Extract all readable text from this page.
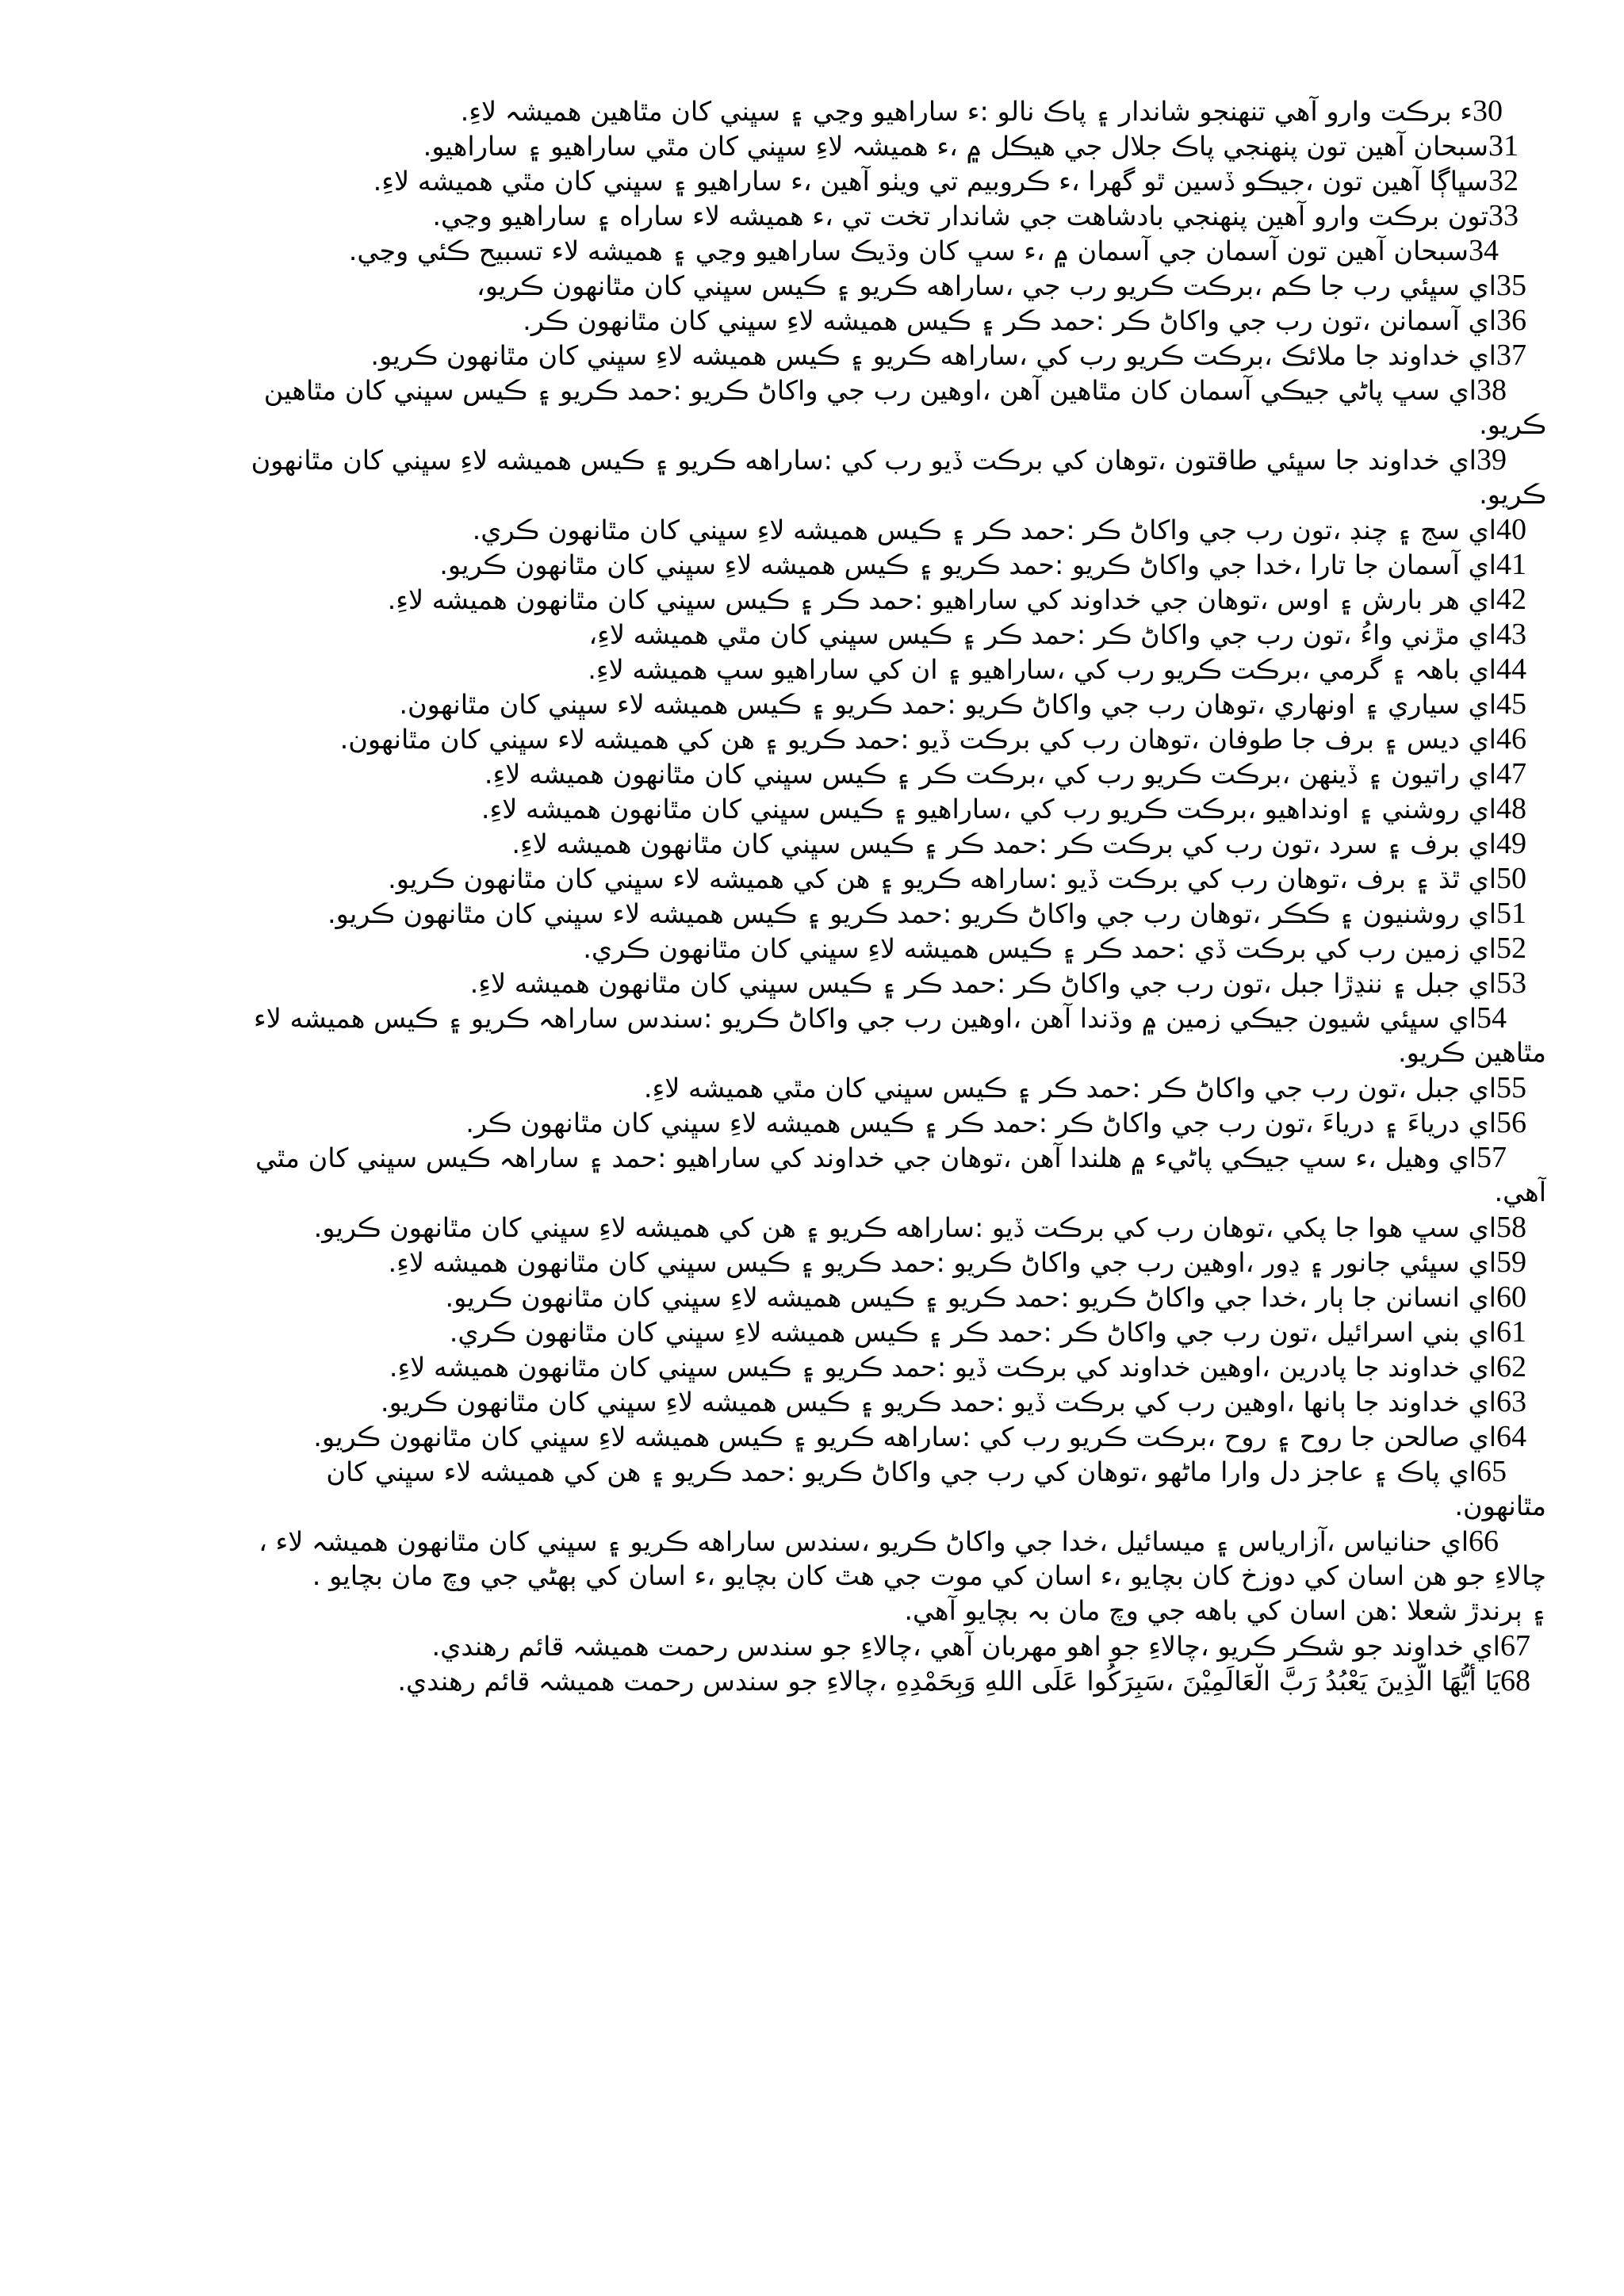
30ء برڪت وارو آهي تنهنجو شاندار ۽ پاڪ نالو :ء ساراهيو وڃي ۽ سڀني کان مٿاهين هميشہ لاءِ.
31سبحان آهين تون پنهنجي پاڪ جلال جي هيڪل ۾ ،ء هميشہ لاءِ سڀني کان مٿي ساراهيو ۽ ساراهيو.
32سڀاڳا آهين تون ،جيڪو ڏسين ٿو گهرا ،ء ڪروبيم تي ويٺو آهين ،ء ساراهيو ۽ سڀني کان مٿي هميشه لاءِ.
33تون برڪت وارو آهين پنهنجي بادشاهت جي شاندار تخت تي ،ء هميشه لاء ساراه ۽ ساراهيو وڃي.
34سبحان آهين تون آسمان جي آسمان ۾ ،ء سڀ کان وڌيڪ ساراهيو وڃي ۽ هميشه لاء تسبيح ڪئي وڃي.
35اي سڀئي رب جا ڪم ،برڪت ڪريو رب جي ،ساراهه ڪريو ۽ ڪيس سڀني کان مٿانهون ڪريو،
36اي آسمانن ،تون رب جي واکاڻ ڪر :حمد ڪر ۽ ڪيس هميشه لاءِ سڀني کان مٿانهون ڪر.
37اي خداوند جا ملائڪ ،برڪت ڪريو رب کي ،ساراهه ڪريو ۽ ڪيس هميشه لاءِ سڀني کان مٿانهون ڪريو.
38اي سڀ پاڻي جيڪي آسمان کان مٿاهين آهن ،اوهين رب جي واکاڻ ڪريو :حمد ڪريو ۽ ڪيس سڀني کان مٿاهين
ڪريو.
39اي خداوند جا سڀئي طاقتون ،توهان کي برڪت ڏيو رب کي :ساراهه ڪريو ۽ ڪيس هميشه لاءِ سڀني کان مٿانهون
ڪريو.
40اي سج ۽ چنڊ ،تون رب جي واکاڻ ڪر :حمد ڪر ۽ ڪيس هميشه لاءِ سڀني کان مٿانهون ڪري.
41اي آسمان جا تارا ،خدا جي واکاڻ ڪريو :حمد ڪريو ۽ ڪيس هميشه لاءِ سڀني کان مٿانهون ڪريو.
42اي هر بارش ۽ اوس ،توهان جي خداوند کي ساراهيو :حمد ڪر ۽ ڪيس سڀني کان مٿانهون هميشه لاءِ.
43اي مڙني واءُ ،تون رب جي واکاڻ ڪر :حمد ڪر ۽ ڪيس سڀني کان مٿي هميشه لاءِ،
44اي باهہ ۽ گرمي ،برڪت ڪريو رب کي ،ساراهيو ۽ ان کي ساراهيو سڀ هميشه لاءِ.
45اي سياري ۽ اونهاري ،توهان رب جي واکاڻ ڪريو :حمد ڪريو ۽ ڪيس هميشه لاء سڀني کان مٿانهون.
46اي ديس ۽ برف جا طوفان ،توهان رب کي برڪت ڏيو :حمد ڪريو ۽ هن کي هميشه لاء سڀني کان مٿانهون.
47اي راتيون ۽ ڏينهن ،برڪت ڪريو رب کي ،برڪت ڪر ۽ ڪيس سڀني کان مٿانهون هميشه لاءِ.
48اي روشني ۽ اونداهيو ،برڪت ڪريو رب کي ،ساراهيو ۽ ڪيس سڀني کان مٿانهون هميشه لاءِ.
49اي برف ۽ سرد ،تون رب کي برڪت ڪر :حمد ڪر ۽ ڪيس سڀني کان مٿانهون هميشه لاءِ.
50اي ٿڌ ۽ برف ،توهان رب کي برڪت ڏيو :ساراهه ڪريو ۽ هن کي هميشه لاء سڀني کان مٿانهون ڪريو.
51اي روشنيون ۽ ڪڪر ،توهان رب جي واکاڻ ڪريو :حمد ڪريو ۽ ڪيس هميشه لاء سڀني کان مٿانهون ڪريو.
52اي زمين رب کي برڪت ڏي :حمد ڪر ۽ ڪيس هميشه لاءِ سڀني کان مٿانهون ڪري.
53اي جبل ۽ ننڍڙا جبل ،تون رب جي واکاڻ ڪر :حمد ڪر ۽ ڪيس سڀني کان مٿانهون هميشه لاءِ.
54اي سڀئي شيون جيڪي زمين ۾ وڌندا آهن ،اوهين رب جي واکاڻ ڪريو :سندس ساراهہ ڪريو ۽ ڪيس هميشه لاء
مٿاهين ڪريو.
55اي جبل ،تون رب جي واکاڻ ڪر :حمد ڪر ۽ ڪيس سڀني کان مٿي هميشه لاءِ.
56اي درياءَ ۽ درياءَ ،تون رب جي واکاڻ ڪر :حمد ڪر ۽ ڪيس هميشه لاءِ سڀني کان مٿانهون ڪر.
57اي وهيل ،ء سڀ جيڪي پاڻيء ۾ هلندا آهن ،توهان جي خداوند کي ساراهيو :حمد ۽ ساراهہ ڪيس سڀني کان مٿي
آهي.
58اي سڀ هوا جا پکي ،توهان رب کي برڪت ڏيو :ساراهه ڪريو ۽ هن کي هميشه لاءِ سڀني کان مٿانهون ڪريو.
59اي سڀئي جانور ۽ ڍور ،اوهين رب جي واکاڻ ڪريو :حمد ڪريو ۽ ڪيس سڀني کان مٿانهون هميشه لاءِ.
60اي انسانن جا ٻار ،خدا جي واکاڻ ڪريو :حمد ڪريو ۽ ڪيس هميشه لاءِ سڀني کان مٿانهون ڪريو.
61اي بني اسرائيل ،تون رب جي واکاڻ ڪر :حمد ڪر ۽ ڪيس هميشه لاءِ سڀني کان مٿانهون ڪري.
62اي خداوند جا پادرين ،اوهين خداوند کي برڪت ڏيو :حمد ڪريو ۽ ڪيس سڀني کان مٿانهون هميشه لاءِ.
63اي خداوند جا ٻانها ،اوهين رب کي برڪت ڏيو :حمد ڪريو ۽ ڪيس هميشه لاءِ سڀني کان مٿانهون ڪريو.
64اي صالحن جا روح ۽ روح ،برڪت ڪريو رب کي :ساراهه ڪريو ۽ ڪيس هميشه لاءِ سڀني کان مٿانهون ڪريو.
65اي پاڪ ۽ عاجز دل وارا ماڻهو ،توهان کي رب جي واکاڻ ڪريو :حمد ڪريو ۽ هن کي هميشه لاء سڀني کان
مٿانهون.
66اي حنانياس ،آزارياس ۽ ميسائيل ،خدا جي واکاڻ ڪريو ،سندس ساراهه ڪريو ۽ سڀني کان مٿانهون هميشہ لاء ،
چالاءِ جو هن اسان کي دوزخ کان بچايو ،ء اسان کي موت جي هٿ کان بچايو ،ء اسان کي ٻهڻي جي وچ مان بچايو .
۽ ٻرندڙ شعلا :هن اسان کي باهه جي وچ مان بہ بچايو آهي.
67اي خداوند جو شڪر ڪريو ،چالاءِ جو اهو مهربان آهي ،چالاءِ جو سندس رحمت هميشہ قائم رهندي.
68يَا أَيُّهَا الَّذِينَ يَعْبُدُ رَبَّ الْعَالَمِيْنَ ،سَبِرَكُوا عَلَى اللهِ وَبِحَمْدِهِ ،چالاءِ جو سندس رحمت هميشہ قائم رهندي.
